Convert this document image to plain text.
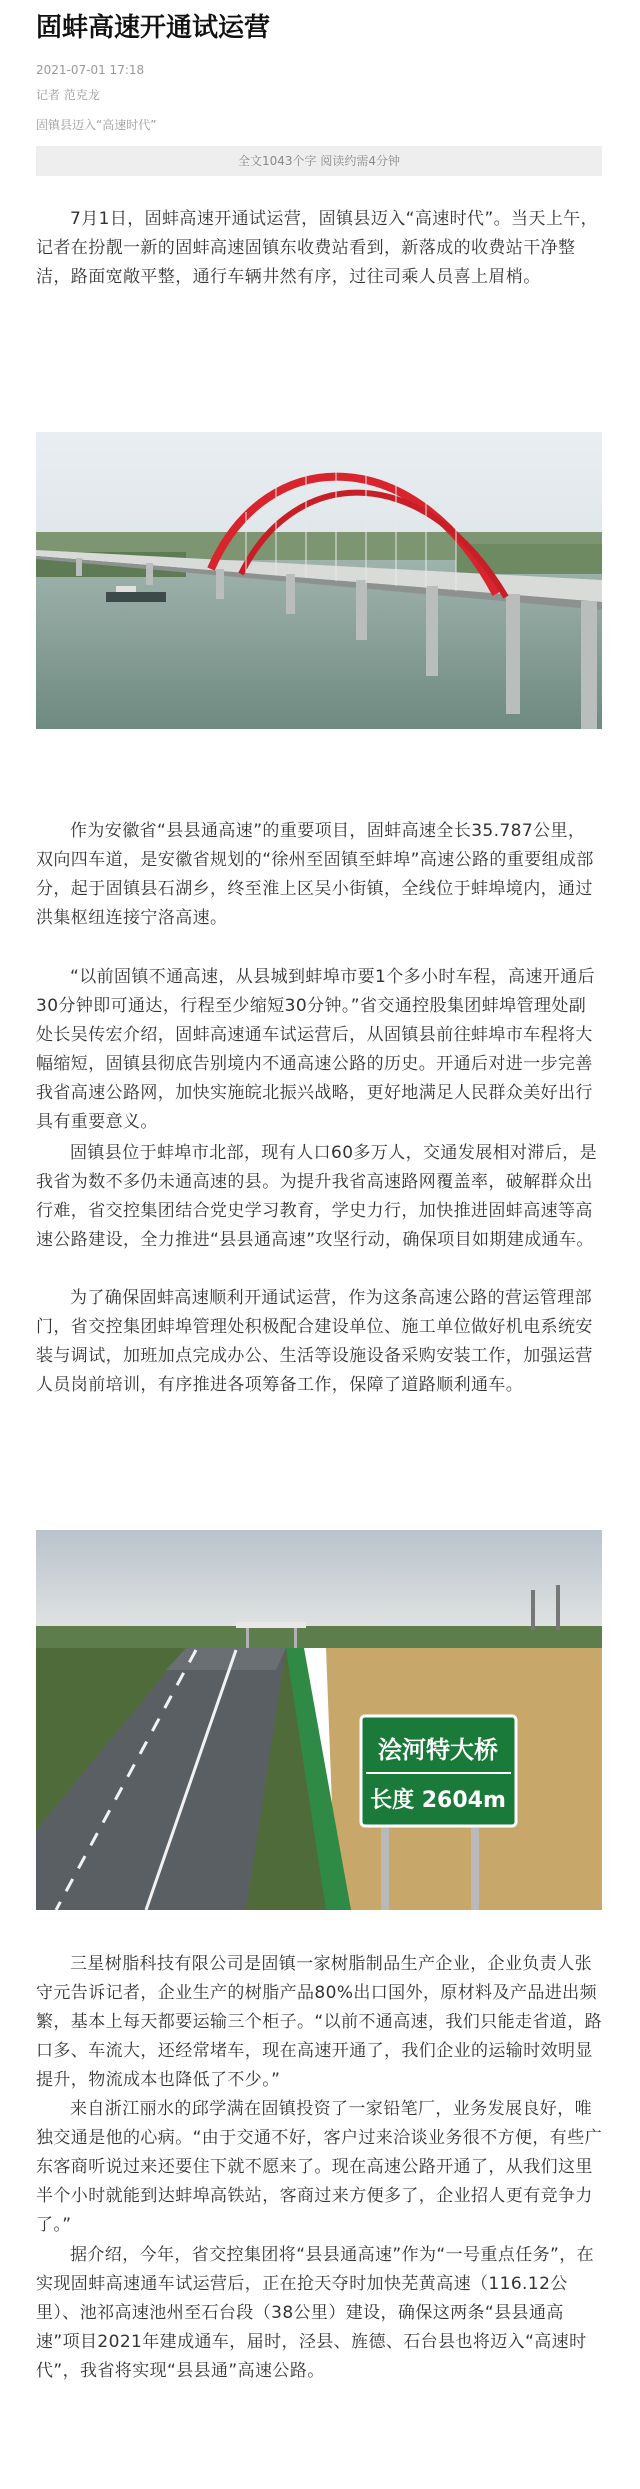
固蚌高速开通试运营
2021-07-01 17:18
记者 范克龙
固镇县迈入“高速时代”
全文1043个字 阅读约需4分钟

7月1日，固蚌高速开通试运营，固镇县迈入“高速时代”。当天上午，记者在扮靓一新的固蚌高速固镇东收费站看到，新落成的收费站干净整洁，路面宽敞平整，通行车辆井然有序，过往司乘人员喜上眉梢。

作为安徽省“县县通高速”的重要项目，固蚌高速全长35.787公里，双向四车道，是安徽省规划的“徐州至固镇至蚌埠”高速公路的重要组成部分，起于固镇县石湖乡，终至淮上区吴小街镇，全线位于蚌埠境内，通过洪集枢纽连接宁洛高速。

“以前固镇不通高速，从县城到蚌埠市要1个多小时车程，高速开通后30分钟即可通达，行程至少缩短30分钟。”省交通控股集团蚌埠管理处副处长吴传宏介绍，固蚌高速通车试运营后，从固镇县前往蚌埠市车程将大幅缩短，固镇县彻底告别境内不通高速公路的历史。开通后对进一步完善我省高速公路网，加快实施皖北振兴战略，更好地满足人民群众美好出行具有重要意义。

固镇县位于蚌埠市北部，现有人口60多万人，交通发展相对滞后，是我省为数不多仍未通高速的县。为提升我省高速路网覆盖率，破解群众出行难，省交控集团结合党史学习教育，学史力行，加快推进固蚌高速等高速公路建设，全力推进“县县通高速”攻坚行动，确保项目如期建成通车。

为了确保固蚌高速顺利开通试运营，作为这条高速公路的营运管理部门，省交控集团蚌埠管理处积极配合建设单位、施工单位做好机电系统安装与调试，加班加点完成办公、生活等设施设备采购安装工作，加强运营人员岗前培训，有序推进各项筹备工作，保障了道路顺利通车。

浍河特大桥
长度 2604m

三星树脂科技有限公司是固镇一家树脂制品生产企业，企业负责人张守元告诉记者，企业生产的树脂产品80%出口国外，原材料及产品进出频繁，基本上每天都要运输三个柜子。“以前不通高速，我们只能走省道，路口多、车流大，还经常堵车，现在高速开通了，我们企业的运输时效明显提升，物流成本也降低了不少。”

来自浙江丽水的邱学满在固镇投资了一家铅笔厂，业务发展良好，唯独交通是他的心病。“由于交通不好，客户过来洽谈业务很不方便，有些广东客商听说过来还要住下就不愿来了。现在高速公路开通了，从我们这里半个小时就能到达蚌埠高铁站，客商过来方便多了，企业招人更有竞争力了。”

据介绍，今年，省交控集团将“县县通高速”作为“一号重点任务”，在实现固蚌高速通车试运营后，正在抢天夺时加快芜黄高速（116.12公里）、池祁高速池州至石台段（38公里）建设，确保这两条“县县通高速”项目2021年建成通车，届时，泾县、旌德、石台县也将迈入“高速时代”，我省将实现“县县通”高速公路。
